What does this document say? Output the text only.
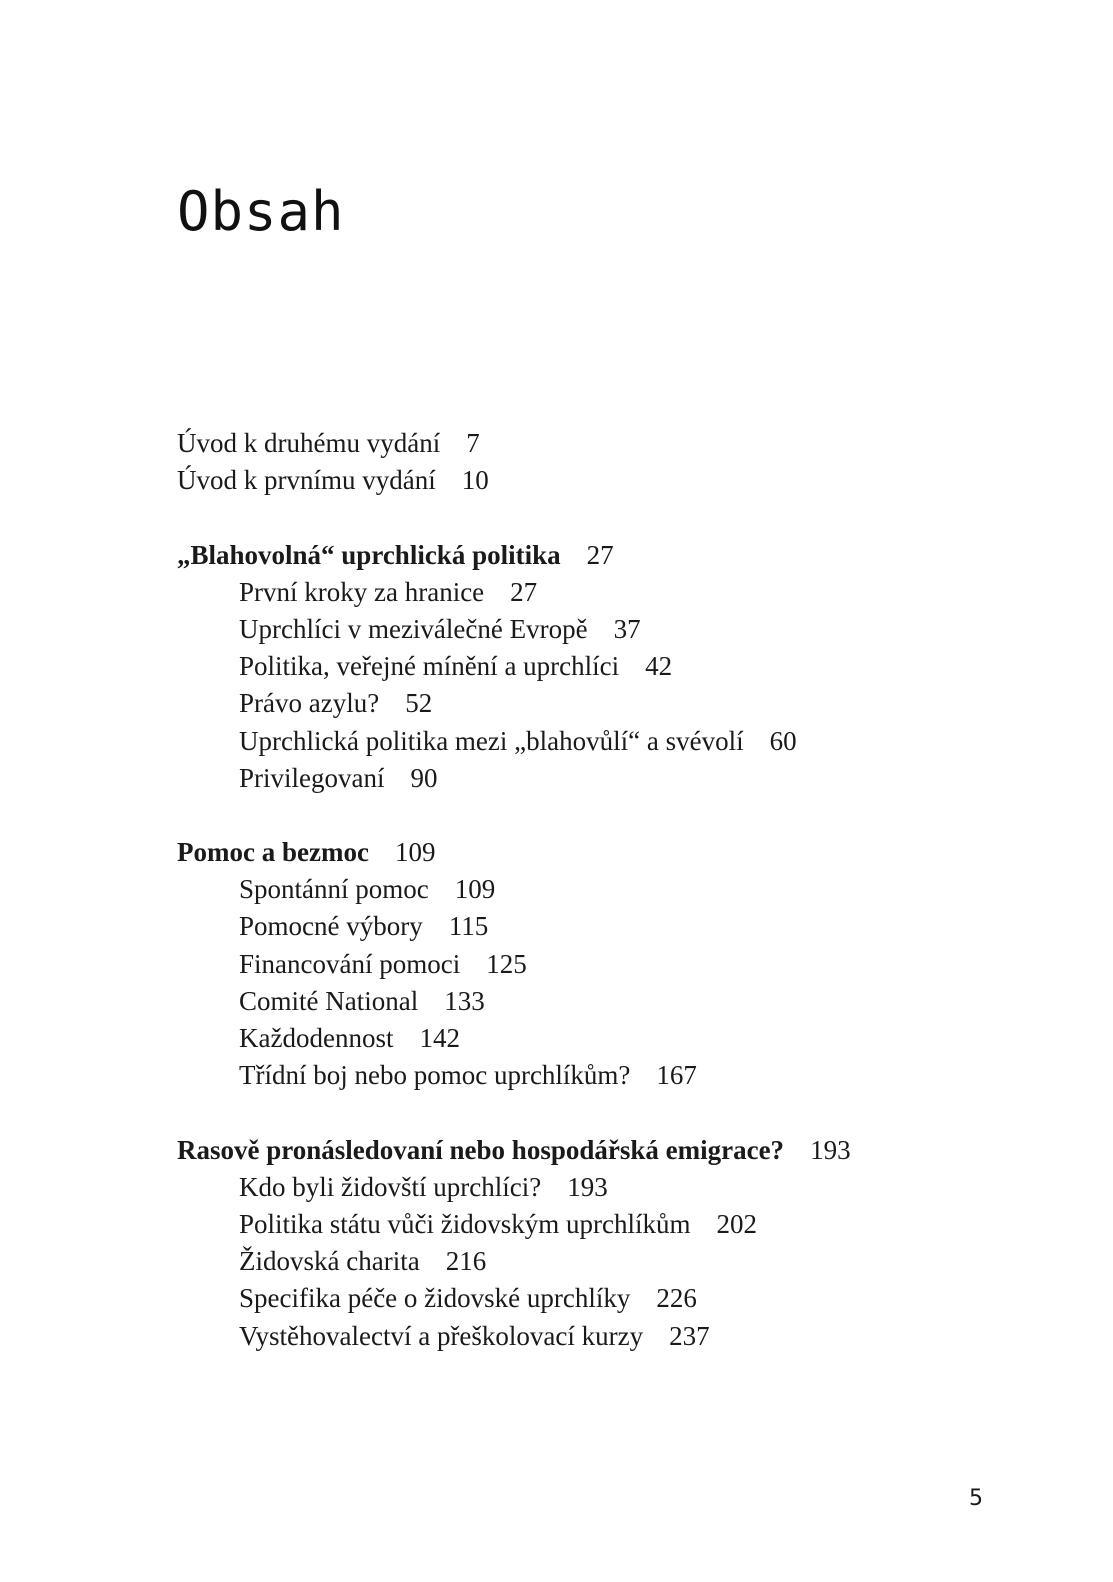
Obsah
Úvod k druhému vydání 7
Úvod k prvnímu vydání 10
„Blahovolná“ uprchlická politika 27
První kroky za hranice 27
Uprchlíci v meziválečné Evropě 37
Politika, veřejné mínění a uprchlíci 42
Právo azylu? 52
Uprchlická politika mezi „blahovůlí“ a svévolí 60
Privilegovaní 90
Pomoc a bezmoc 109
Spontánní pomoc 109
Pomocné výbory 115
Financování pomoci 125
Comité National 133
Každodennost 142
Třídní boj nebo pomoc uprchlíkům? 167
Rasově pronásledovaní nebo hospodářská emigrace? 193
Kdo byli židovští uprchlíci? 193
Politika státu vůči židovským uprchlíkům 202
Židovská charita 216
Specifika péče o židovské uprchlíky 226
Vystěhovalectví a přeškolovací kurzy 237
5
